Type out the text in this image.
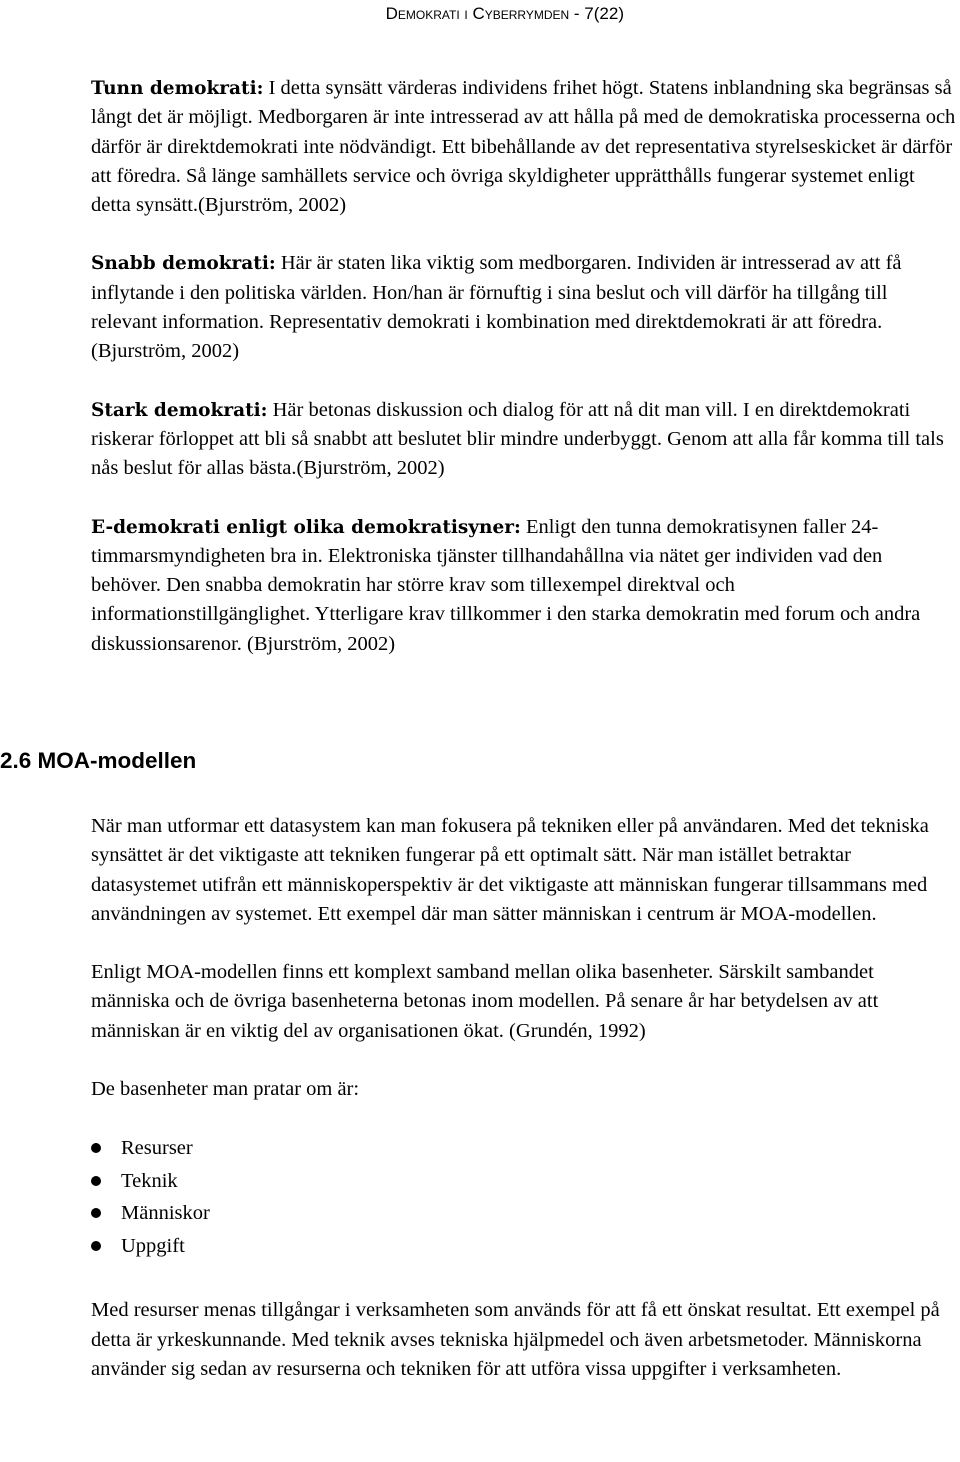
Demokrati i Cyberrymden - 7(22)

Tunn demokrati: I detta synsätt värderas individens frihet högt. Statens inblandning ska begränsas så långt det är möjligt. Medborgaren är inte intresserad av att hålla på med de demokratiska processerna och därför är direktdemokrati inte nödvändigt. Ett bibehållande av det representativa styrelseskicket är därför att föredra. Så länge samhällets service och övriga skyldigheter upprätthålls fungerar systemet enligt detta synsätt.(Bjurström, 2002)

Snabb demokrati: Här är staten lika viktig som medborgaren. Individen är intresserad av att få inflytande i den politiska världen. Hon/han är förnuftig i sina beslut och vill därför ha tillgång till relevant information. Representativ demokrati i kombination med direktdemokrati är att föredra. (Bjurström, 2002)

Stark demokrati: Här betonas diskussion och dialog för att nå dit man vill. I en direktdemokrati riskerar förloppet att bli så snabbt att beslutet blir mindre underbyggt. Genom att alla får komma till tals nås beslut för allas bästa.(Bjurström, 2002)

E-demokrati enligt olika demokratisyner: Enligt den tunna demokratisynen faller 24-timmarsmyndigheten bra in. Elektroniska tjänster tillhandahållna via nätet ger individen vad den behöver. Den snabba demokratin har större krav som tillexempel direktval och informationstillgänglighet. Ytterligare krav tillkommer i den starka demokratin med forum och andra diskussionsarenor. (Bjurström, 2002)

2.6 MOA-modellen

När man utformar ett datasystem kan man fokusera på tekniken eller på användaren. Med det tekniska synsättet är det viktigaste att tekniken fungerar på ett optimalt sätt. När man istället betraktar datasystemet utifrån ett människoperspektiv är det viktigaste att människan fungerar tillsammans med användningen av systemet. Ett exempel där man sätter människan i centrum är MOA-modellen.

Enligt MOA-modellen finns ett komplext samband mellan olika basenheter. Särskilt sambandet människa och de övriga basenheterna betonas inom modellen. På senare år har betydelsen av att människan är en viktig del av organisationen ökat. (Grundén, 1992)

De basenheter man pratar om är:

Resurser
Teknik
Människor
Uppgift

Med resurser menas tillgångar i verksamheten som används för att få ett önskat resultat. Ett exempel på detta är yrkeskunnande. Med teknik avses tekniska hjälpmedel och även arbetsmetoder. Människorna använder sig sedan av resurserna och tekniken för att utföra vissa uppgifter i verksamheten.
